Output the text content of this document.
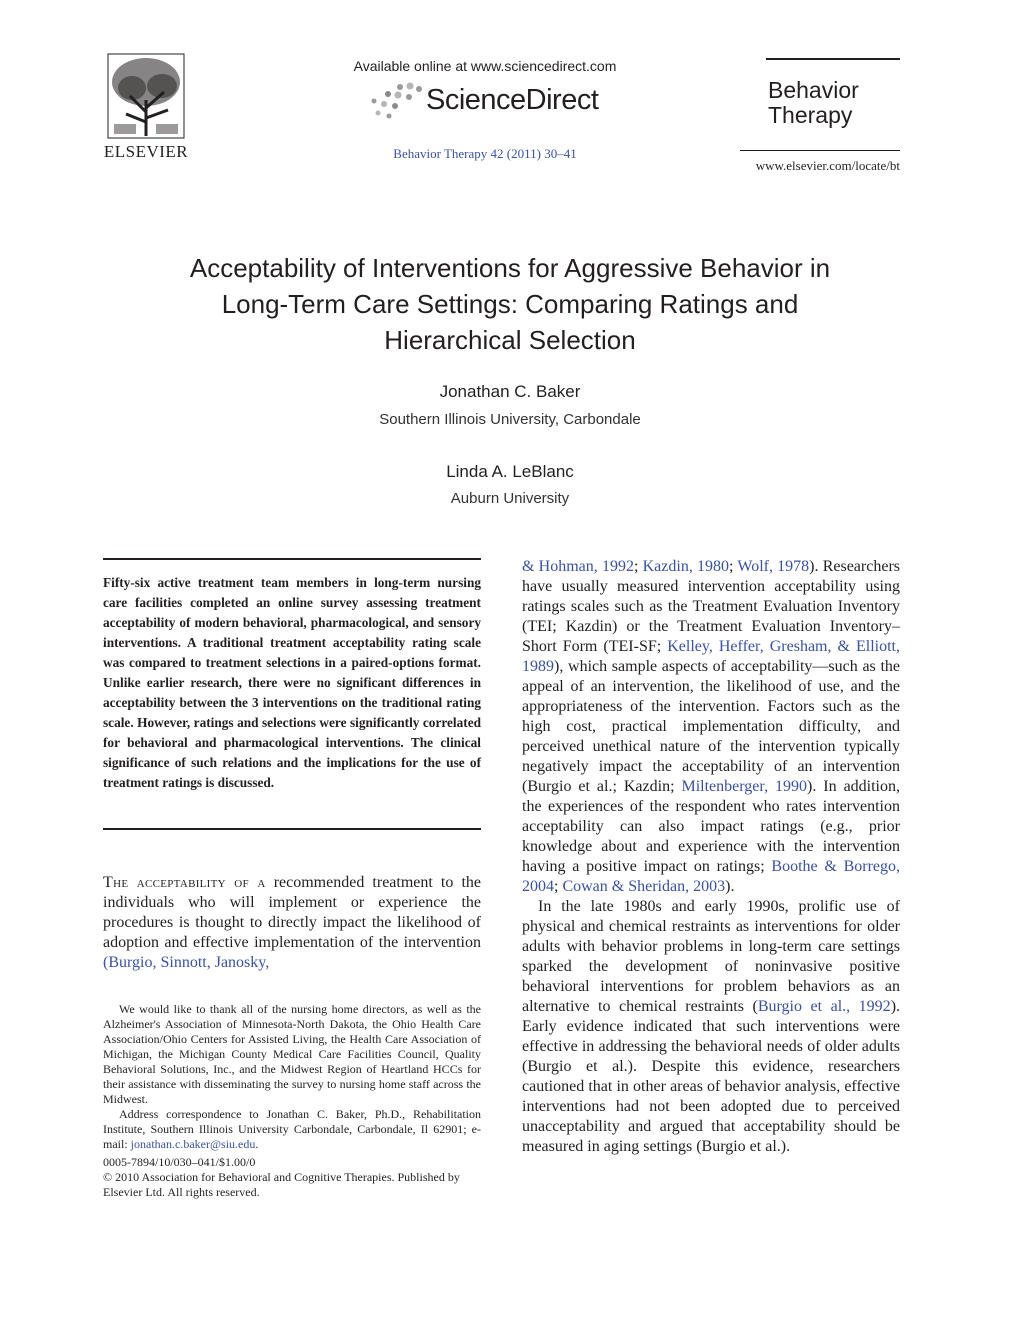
ELSEVIER
Available online at www.sciencedirect.com
ScienceDirect
Behavior Therapy 42 (2011) 30–41
Behavior
Therapy
www.elsevier.com/locate/bt
Acceptability of Interventions for Aggressive Behavior in
Long-Term Care Settings: Comparing Ratings and
Hierarchical Selection
Jonathan C. Baker
Southern Illinois University, Carbondale
Linda A. LeBlanc
Auburn University
Fifty-six active treatment team members in long-term nursing care facilities completed an online survey assessing treatment acceptability of modern behavioral, pharmacological, and sensory interventions. A traditional treatment acceptability rating scale was compared to treatment selections in a paired-options format. Unlike earlier research, there were no significant differences in acceptability between the 3 interventions on the traditional rating scale. However, ratings and selections were significantly correlated for behavioral and pharmacological interventions. The clinical significance of such relations and the implications for the use of treatment ratings is discussed.
The acceptability of a recommended treatment to the individuals who will implement or experience the procedures is thought to directly impact the likelihood of adoption and effective implementation of the intervention (Burgio, Sinnott, Janosky,

We would like to thank all of the nursing home directors, as well as the Alzheimer's Association of Minnesota-North Dakota, the Ohio Health Care Association/Ohio Centers for Assisted Living, the Health Care Association of Michigan, the Michigan County Medical Care Facilities Council, Quality Behavioral Solutions, Inc., and the Midwest Region of Heartland HCCs for their assistance with disseminating the survey to nursing home staff across the Midwest.

Address correspondence to Jonathan C. Baker, Ph.D., Rehabilitation Institute, Southern Illinois University Carbondale, Carbondale, Il 62901; e-mail: jonathan.c.baker@siu.edu.

0005-7894/10/030–041/$1.00/0

© 2010 Association for Behavioral and Cognitive Therapies. Published by Elsevier Ltd. All rights reserved.

& Hohman, 1992; Kazdin, 1980; Wolf, 1978). Researchers have usually measured intervention acceptability using ratings scales such as the Treatment Evaluation Inventory (TEI; Kazdin) or the Treatment Evaluation Inventory–Short Form (TEI-SF; Kelley, Heffer, Gresham, & Elliott, 1989), which sample aspects of acceptability—such as the appeal of an intervention, the likelihood of use, and the appropriateness of the intervention. Factors such as the high cost, practical implementation difficulty, and perceived unethical nature of the intervention typically negatively impact the acceptability of an intervention (Burgio et al.; Kazdin; Miltenberger, 1990). In addition, the experiences of the respondent who rates intervention acceptability can also impact ratings (e.g., prior knowledge about and experience with the intervention having a positive impact on ratings; Boothe & Borrego, 2004; Cowan & Sheridan, 2003).

In the late 1980s and early 1990s, prolific use of physical and chemical restraints as interventions for older adults with behavior problems in long-term care settings sparked the development of noninvasive positive behavioral interventions for problem behaviors as an alternative to chemical restraints (Burgio et al., 1992). Early evidence indicated that such interventions were effective in addressing the behavioral needs of older adults (Burgio et al.). Despite this evidence, researchers cautioned that in other areas of behavior analysis, effective interventions had not been adopted due to perceived unacceptability and argued that acceptability should be measured in aging settings (Burgio et al.).
